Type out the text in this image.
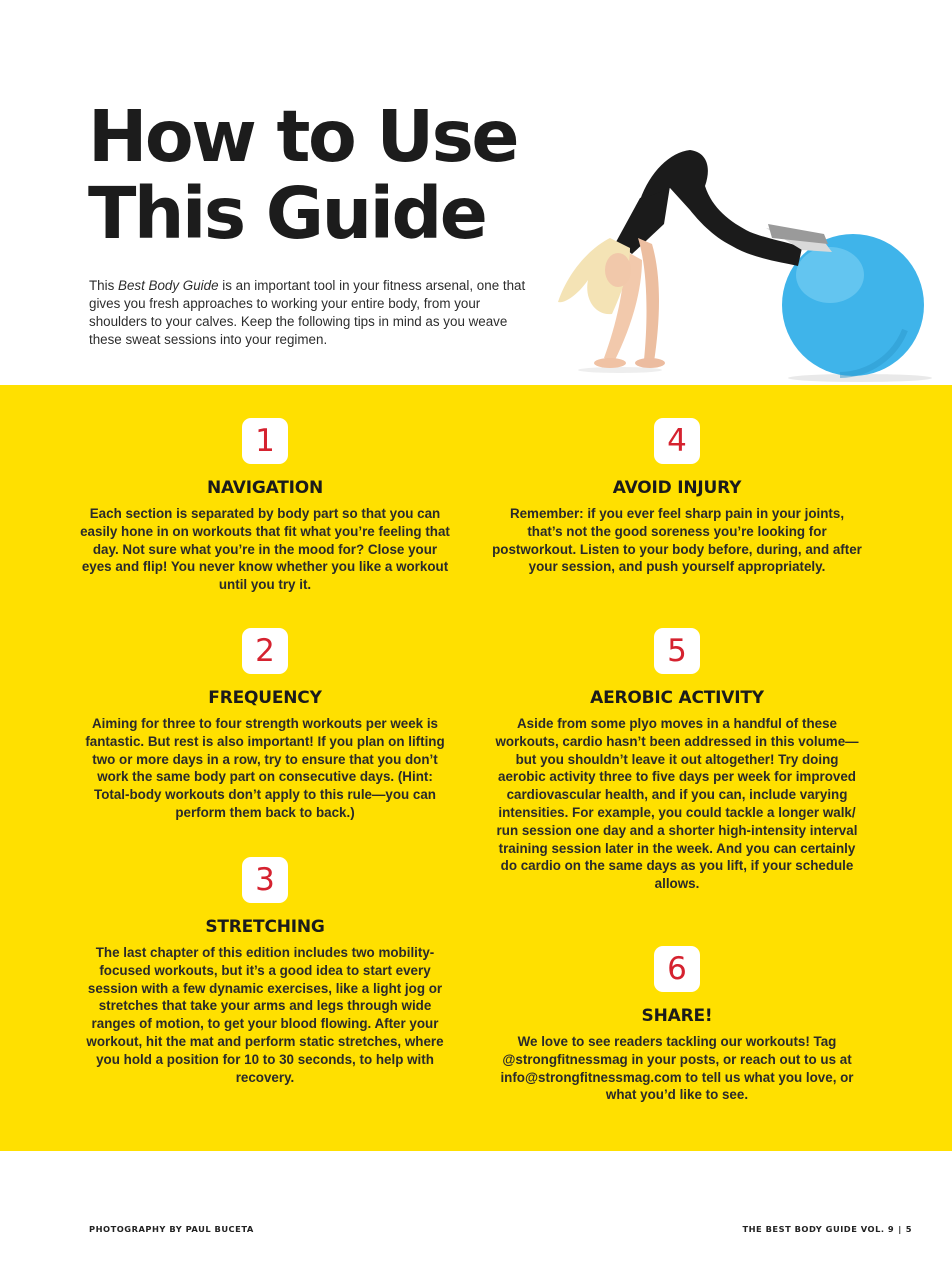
How to Use
This Guide

This Best Body Guide is an important tool in your fitness arsenal, one that gives you fresh approaches to working your entire body, from your shoulders to your calves. Keep the following tips in mind as you weave these sweat sessions into your regimen.

1
NAVIGATION

Each section is separated by body part so that you can easily hone in on workouts that fit what you’re feeling that day. Not sure what you’re in the mood for? Close your eyes and flip! You never know whether you like a workout until you try it.

2
FREQUENCY

Aiming for three to four strength workouts per week is fantastic. But rest is also important! If you plan on lifting two or more days in a row, try to ensure that you don’t work the same body part on consecutive days. (Hint: Total-body workouts don’t apply to this rule—you can perform them back to back.)

3
STRETCHING

The last chapter of this edition includes two mobility-focused workouts, but it’s a good idea to start every session with a few dynamic exercises, like a light jog or stretches that take your arms and legs through wide ranges of motion, to get your blood flowing. After your workout, hit the mat and perform static stretches, where you hold a position for 10 to 30 seconds, to help with recovery.

4
AVOID INJURY

Remember: if you ever feel sharp pain in your joints, that’s not the good soreness you’re looking for postworkout. Listen to your body before, during, and after your session, and push yourself appropriately.

5
AEROBIC ACTIVITY

Aside from some plyo moves in a handful of these workouts, cardio hasn’t been addressed in this volume—but you shouldn’t leave it out altogether! Try doing aerobic activity three to five days per week for improved cardiovascular health, and if you can, include varying intensities. For example, you could tackle a longer walk/ run session one day and a shorter high-intensity interval training session later in the week. And you can certainly do cardio on the same days as you lift, if your schedule allows.

6
SHARE!

We love to see readers tackling our workouts! Tag @strongfitnessmag in your posts, or reach out to us at info@strongfitnessmag.com to tell us what you love, or what you’d like to see.

PHOTOGRAPHY BY PAUL BUCETA	THE BEST BODY GUIDE VOL. 9 | 5
